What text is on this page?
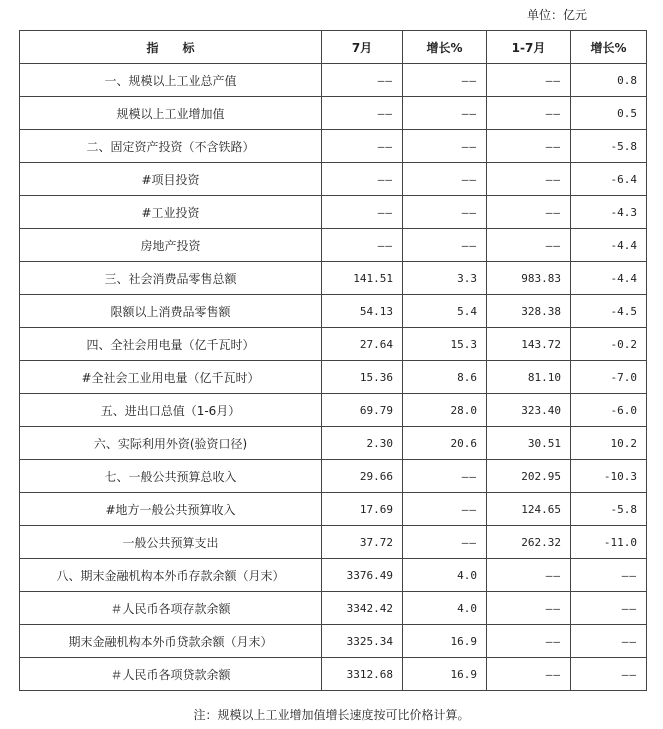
单位：亿元
指　　标	7月	增长%	1-7月	增长%
一、规模以上工业总产值	——	——	——	0.8
规模以上工业增加值	——	——	——	0.5
二、固定资产投资（不含铁路）	——	——	——	-5.8
#项目投资	——	——	——	-6.4
#工业投资	——	——	——	-4.3
房地产投资	——	——	——	-4.4
三、社会消费品零售总额	141.51	3.3	983.83	-4.4
限额以上消费品零售额	54.13	5.4	328.38	-4.5
四、全社会用电量（亿千瓦时）	27.64	15.3	143.72	-0.2
#全社会工业用电量（亿千瓦时）	15.36	8.6	81.10	-7.0
五、进出口总值（1-6月）	69.79	28.0	323.40	-6.0
六、实际利用外资(验资口径)	2.30	20.6	30.51	10.2
七、一般公共预算总收入	29.66	——	202.95	-10.3
#地方一般公共预算收入	17.69	——	124.65	-5.8
一般公共预算支出	37.72	——	262.32	-11.0
八、期末金融机构本外币存款余额（月末）	3376.49	4.0	——	——
＃人民币各项存款余额	3342.42	4.0	——	——
期末金融机构本外币贷款余额（月末）	3325.34	16.9	——	——
＃人民币各项贷款余额	3312.68	16.9	——	——
注：规模以上工业增加值增长速度按可比价格计算。
